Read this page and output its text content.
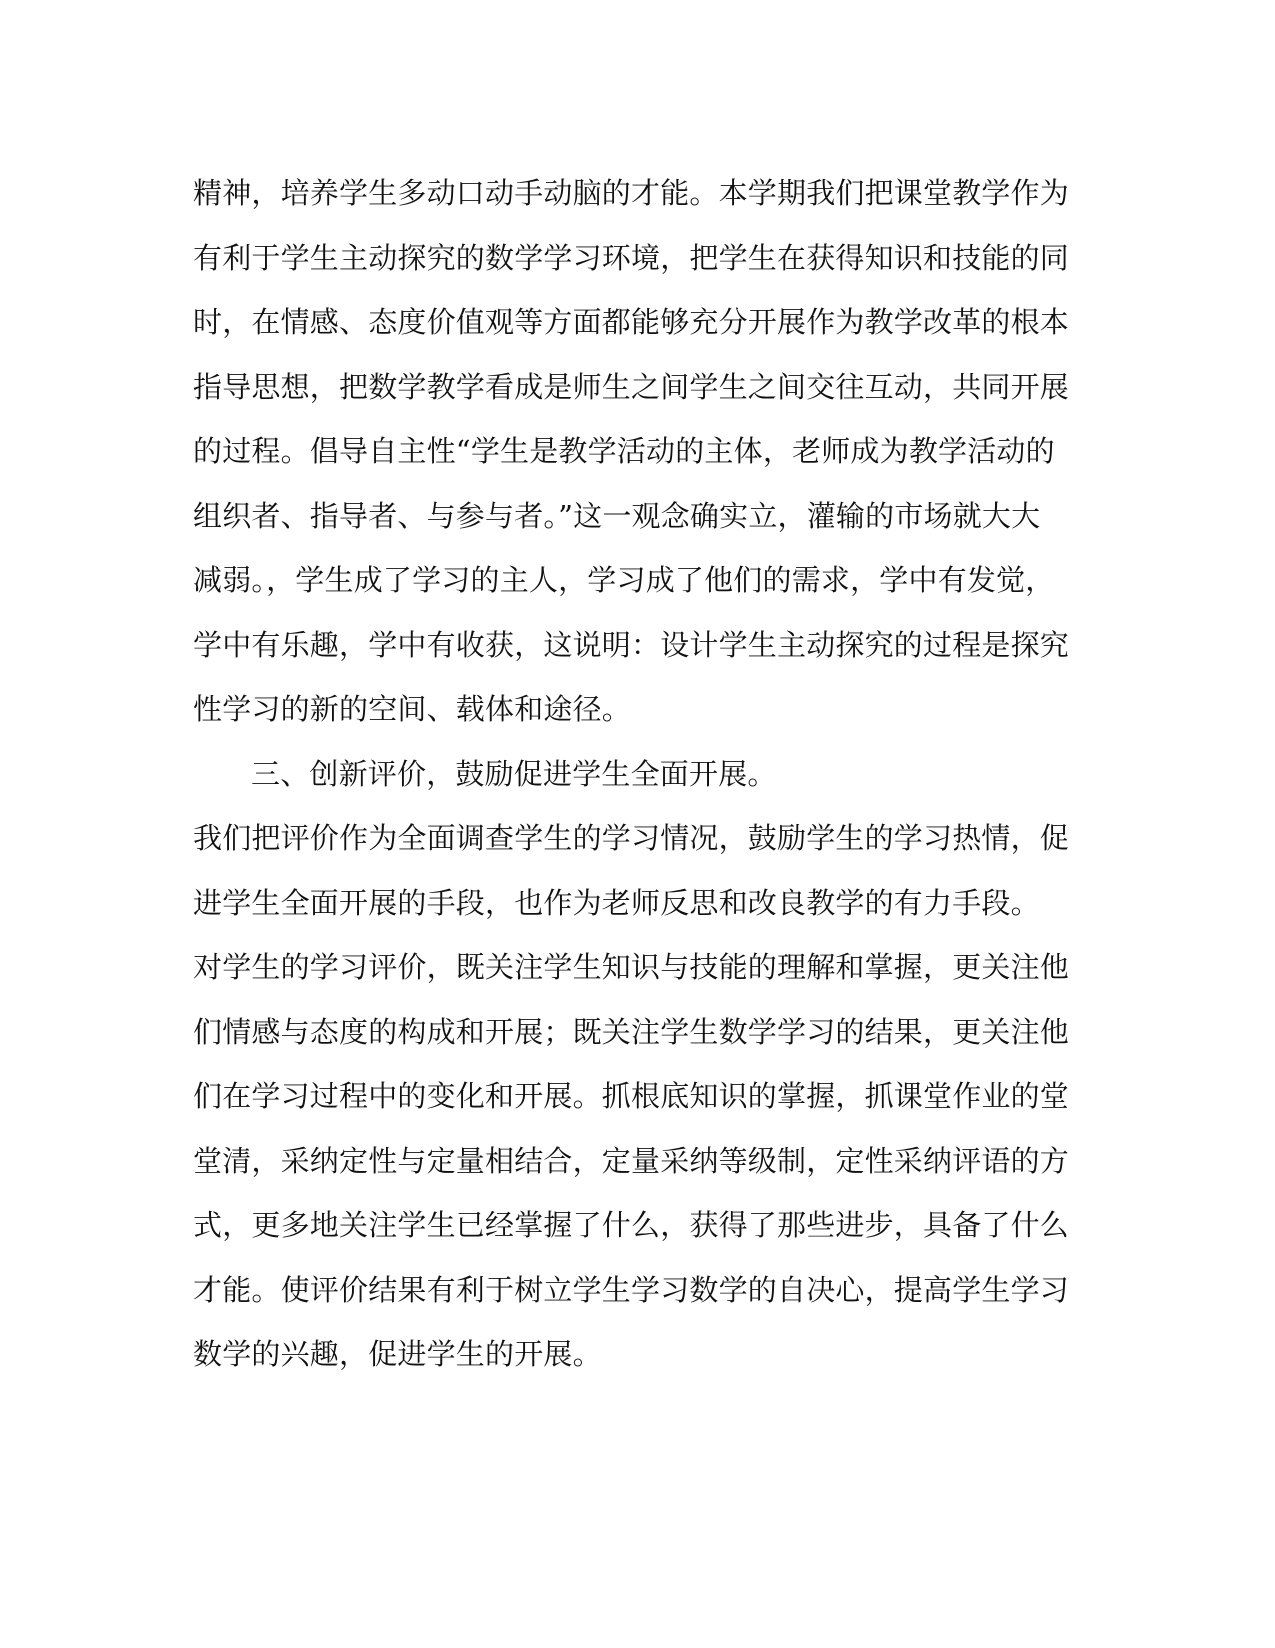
精神，培养学生多动口动手动脑的才能。本学期我们把课堂教学作为
有利于学生主动探究的数学学习环境，把学生在获得知识和技能的同
时，在情感、态度价值观等方面都能够充分开展作为教学改革的根本
指导思想，把数学教学看成是师生之间学生之间交往互动，共同开展
的过程。倡导自主性“学生是教学活动的主体，老师成为教学活动的
组织者、指导者、与参与者。”这一观念确实立，灌输的市场就大大
减弱。，学生成了学习的主人，学习成了他们的需求，学中有发觉，
学中有乐趣，学中有收获，这说明：设计学生主动探究的过程是探究
性学习的新的空间、载体和途径。
三、创新评价，鼓励促进学生全面开展。
我们把评价作为全面调查学生的学习情况，鼓励学生的学习热情，促
进学生全面开展的手段，也作为老师反思和改良教学的有力手段。
对学生的学习评价，既关注学生知识与技能的理解和掌握，更关注他
们情感与态度的构成和开展；既关注学生数学学习的结果，更关注他
们在学习过程中的变化和开展。抓根底知识的掌握，抓课堂作业的堂
堂清，采纳定性与定量相结合，定量采纳等级制，定性采纳评语的方
式，更多地关注学生已经掌握了什么，获得了那些进步，具备了什么
才能。使评价结果有利于树立学生学习数学的自决心，提高学生学习
数学的兴趣，促进学生的开展。
